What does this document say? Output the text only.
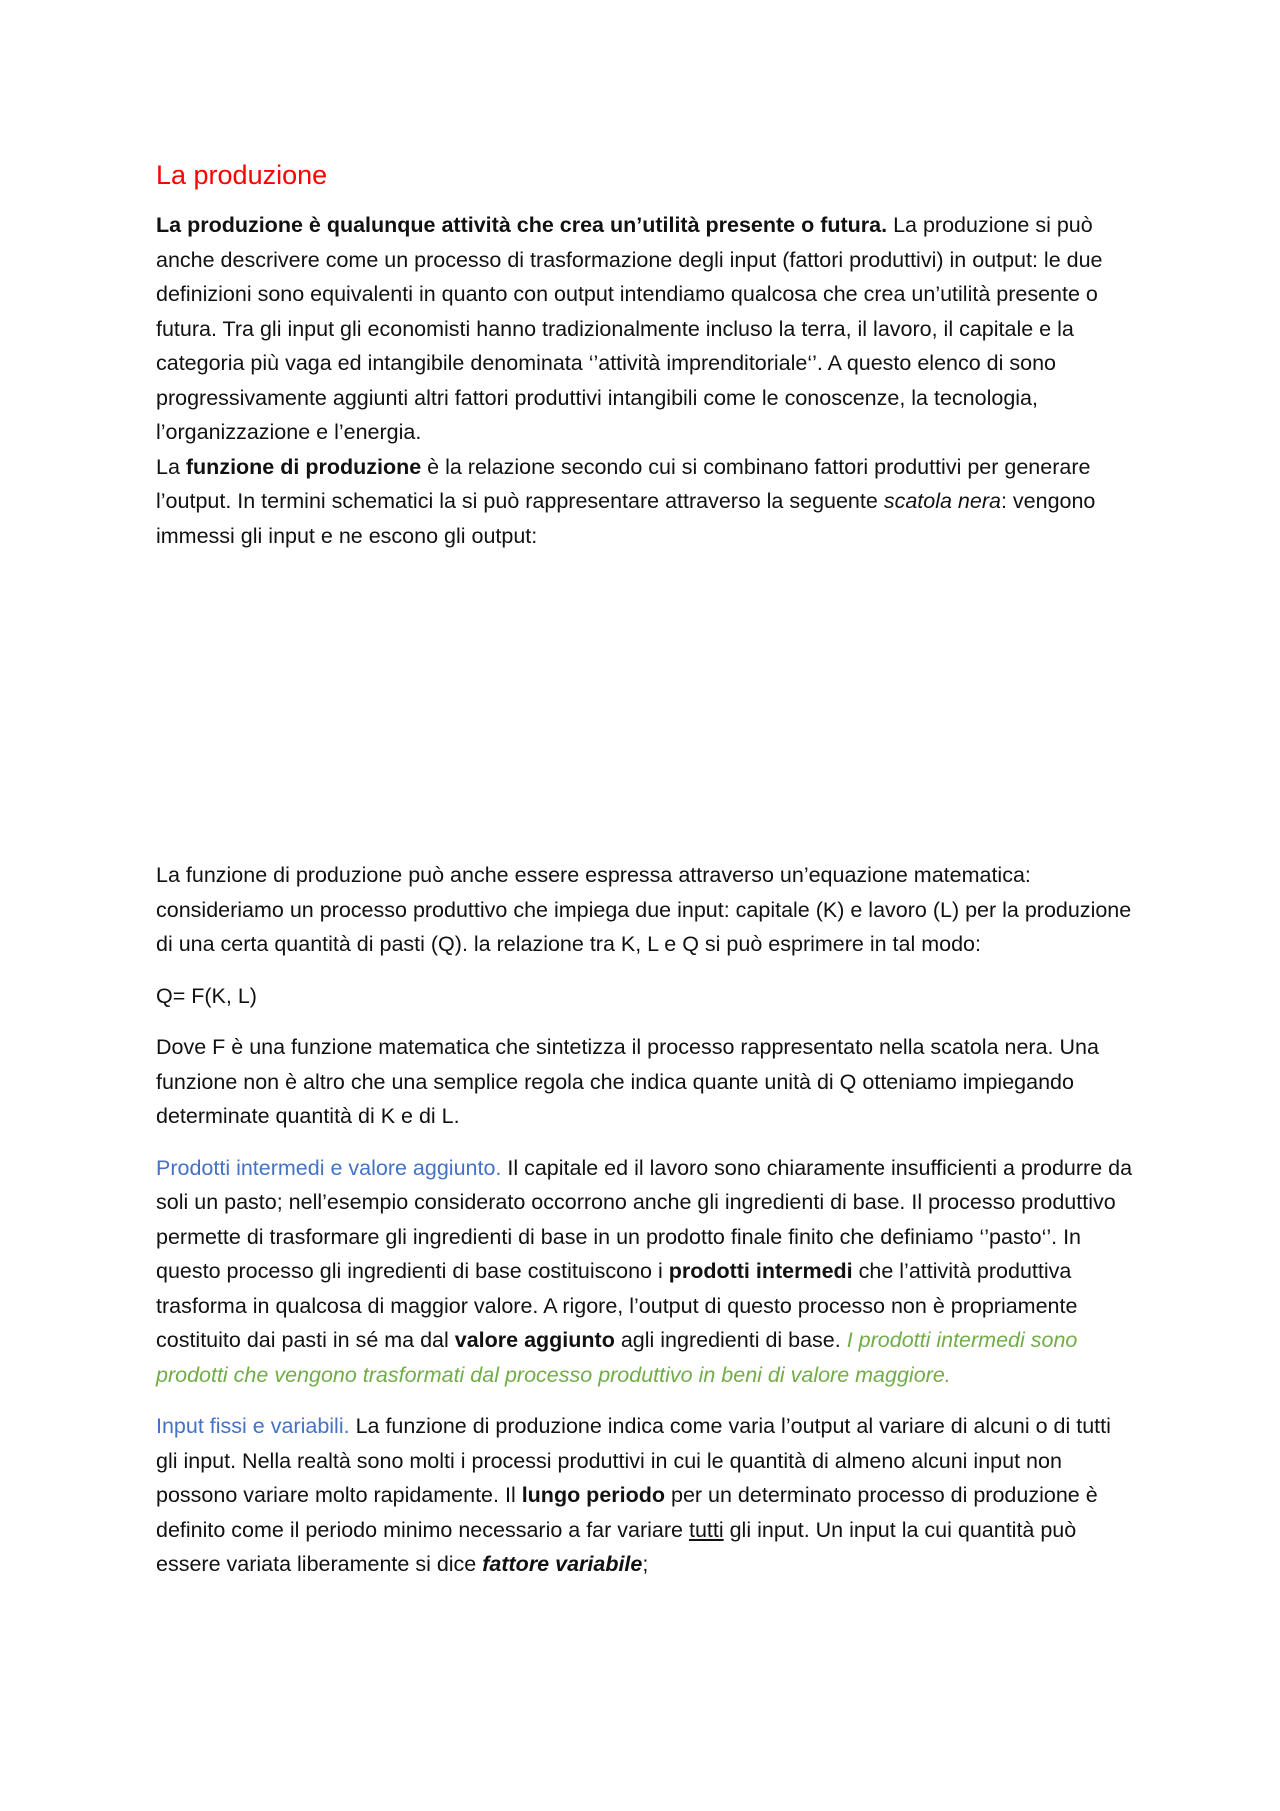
La produzione

La produzione è qualunque attività che crea un’utilità presente o futura. La produzione si può anche descrivere come un processo di trasformazione degli input (fattori produttivi) in output: le due definizioni sono equivalenti in quanto con output intendiamo qualcosa che crea un’utilità presente o futura. Tra gli input gli economisti hanno tradizionalmente incluso la terra, il lavoro, il capitale e la categoria più vaga ed intangibile denominata ‘’attività imprenditoriale‘’. A questo elenco di sono progressivamente aggiunti altri fattori produttivi intangibili come le conoscenze, la tecnologia, l’organizzazione e l’energia.

La funzione di produzione è la relazione secondo cui si combinano fattori produttivi per generare l’output. In termini schematici la si può rappresentare attraverso la seguente scatola nera: vengono immessi gli input e ne escono gli output:

La funzione di produzione può anche essere espressa attraverso un’equazione matematica: consideriamo un processo produttivo che impiega due input: capitale (K) e lavoro (L) per la produzione di una certa quantità di pasti (Q). la relazione tra K, L e Q si può esprimere in tal modo:

Q= F(K, L)

Dove F è una funzione matematica che sintetizza il processo rappresentato nella scatola nera. Una funzione non è altro che una semplice regola che indica quante unità di Q otteniamo impiegando determinate quantità di K e di L.

Prodotti intermedi e valore aggiunto. Il capitale ed il lavoro sono chiaramente insufficienti a produrre da soli un pasto; nell’esempio considerato occorrono anche gli ingredienti di base. Il processo produttivo permette di trasformare gli ingredienti di base in un prodotto finale finito che definiamo ‘’pasto‘’. In questo processo gli ingredienti di base costituiscono i prodotti intermedi che l’attività produttiva trasforma in qualcosa di maggior valore. A rigore, l’output di questo processo non è propriamente costituito dai pasti in sé ma dal valore aggiunto agli ingredienti di base. I prodotti intermedi sono prodotti che vengono trasformati dal processo produttivo in beni di valore maggiore.

Input fissi e variabili. La funzione di produzione indica come varia l’output al variare di alcuni o di tutti gli input. Nella realtà sono molti i processi produttivi in cui le quantità di almeno alcuni input non possono variare molto rapidamente. Il lungo periodo per un determinato processo di produzione è definito come il periodo minimo necessario a far variare tutti gli input. Un input la cui quantità può essere variata liberamente si dice fattore variabile;
